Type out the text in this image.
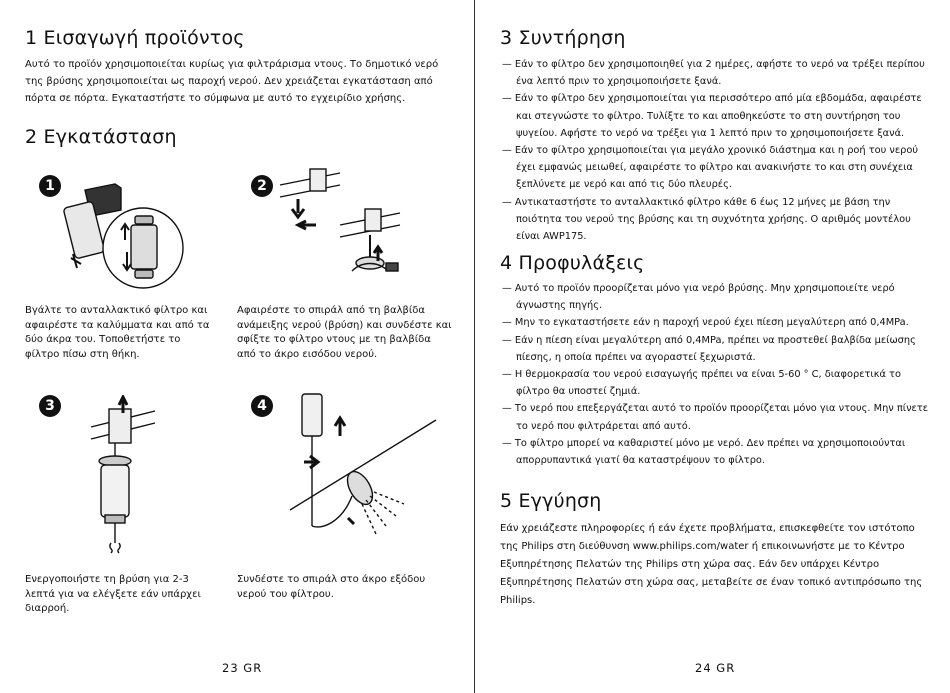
1 Εισαγωγή προϊόντος

Αυτό το προϊόν χρησιμοποιείται κυρίως για φιλτράρισμα ντους. Το δημοτικό νερό της βρύσης χρησιμοποιείται ως παροχή νερού. Δεν χρειάζεται εγκατάσταση από πόρτα σε πόρτα. Εγκαταστήστε το σύμφωνα με αυτό το εγχειρίδιο χρήσης.

2 Εγκατάσταση
1

Βγάλτε το ανταλλακτικό φίλτρο και αφαιρέστε τα καλύμματα και από τα δύο άκρα του. Τοποθετήστε το φίλτρο πίσω στη θήκη.

2

Αφαιρέστε το σπιράλ από τη βαλβίδα ανάμειξης νερού (βρύση) και συνδέστε και σφίξτε το φίλτρο ντους με τη βαλβίδα από το άκρο εισόδου νερού.

3

Ενεργοποιήστε τη βρύση για 2-3 λεπτά για να ελέγξετε εάν υπάρχει διαρροή.

4

Συνδέστε το σπιράλ στο άκρο εξόδου νερού του φίλτρου.

23 GR
3 Συντήρηση
— Εάν το φίλτρο δεν χρησιμοποιηθεί για 2 ημέρες, αφήστε το νερό να τρέξει περίπου ένα λεπτό πριν το χρησιμοποιήσετε ξανά.
— Εάν το φίλτρο δεν χρησιμοποιείται για περισσότερο από μία εβδομάδα, αφαιρέστε και στεγνώστε το φίλτρο. Τυλίξτε το και αποθηκεύστε το στη συντήρηση του ψυγείου. Αφήστε το νερό να τρέξει για 1 λεπτό πριν το χρησιμοποιήσετε ξανά.
— Εάν το φίλτρο χρησιμοποιείται για μεγάλο χρονικό διάστημα και η ροή του νερού έχει εμφανώς μειωθεί, αφαιρέστε το φίλτρο και ανακινήστε το και στη συνέχεια ξεπλύνετε με νερό και από τις δύο πλευρές.
— Αντικαταστήστε το ανταλλακτικό φίλτρο κάθε 6 έως 12 μήνες με βάση την ποιότητα του νερού της βρύσης και τη συχνότητα χρήσης. Ο αριθμός μοντέλου είναι AWP175.
4 Προφυλάξεις
— Αυτό το προϊόν προορίζεται μόνο για νερό βρύσης. Μην χρησιμοποιείτε νερό άγνωστης πηγής.
— Μην το εγκαταστήσετε εάν η παροχή νερού έχει πίεση μεγαλύτερη από 0,4MPa.
— Εάν η πίεση είναι μεγαλύτερη από 0,4MPa, πρέπει να προστεθεί βαλβίδα μείωσης πίεσης, η οποία πρέπει να αγοραστεί ξεχωριστά.
— Η θερμοκρασία του νερού εισαγωγής πρέπει να είναι 5-60 ° C, διαφορετικά το φίλτρο θα υποστεί ζημιά.
— Το νερό που επεξεργάζεται αυτό το προϊόν προορίζεται μόνο για ντους. Μην πίνετε το νερό που φιλτράρεται από αυτό.
— Το φίλτρο μπορεί να καθαριστεί μόνο με νερό. Δεν πρέπει να χρησιμοποιούνται απορρυπαντικά γιατί θα καταστρέψουν το φίλτρο.
5 Εγγύηση

Εάν χρειάζεστε πληροφορίες ή εάν έχετε προβλήματα, επισκεφθείτε τον ιστότοπο της Philips στη διεύθυνση www.philips.com/water ή επικοινωνήστε με το Κέντρο Εξυπηρέτησης Πελατών της Philips στη χώρα σας. Εάν δεν υπάρχει Κέντρο Εξυπηρέτησης Πελατών στη χώρα σας, μεταβείτε σε έναν τοπικό αντιπρόσωπο της Philips.

24 GR
